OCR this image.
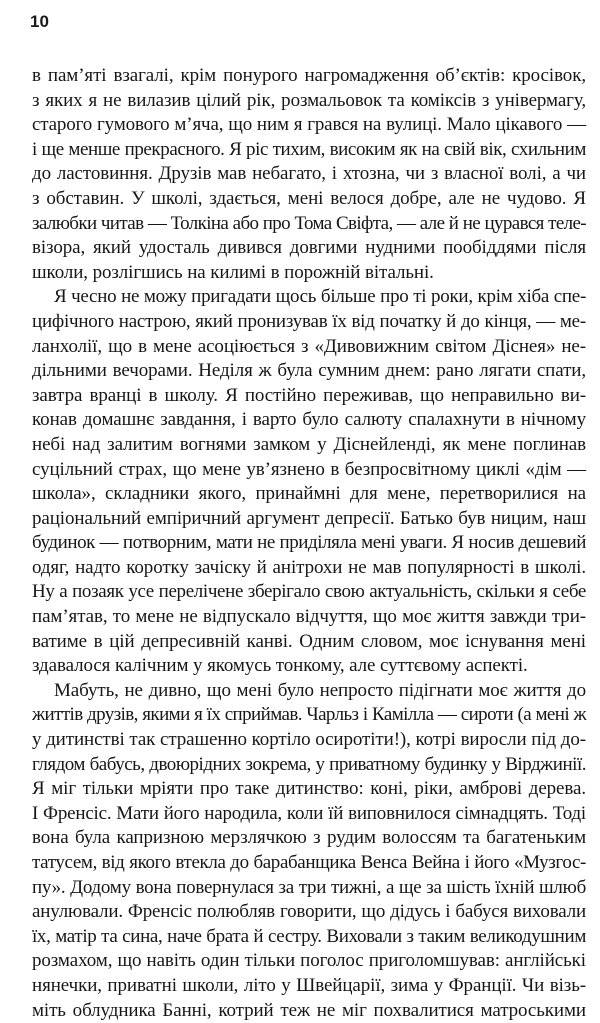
10
в пам’яті взагалі, крім понурого нагромадження об’єктів: кросівок,
з яких я не вилазив цілий рік, розмальовок та коміксів з універмагу,
старого гумового м’яча, що ним я грався на вулиці. Мало цікавого —
і ще менше прекрасного. Я ріс тихим, високим як на свій вік, схильним
до ластовиння. Друзів мав небагато, і хтозна, чи з власної волі, а чи
з обставин. У школі, здається, мені велося добре, але не чудово. Я
залюбки читав — Толкіна або про Тома Свіфта, — але й не цурався теле-
візора, який удосталь дивився довгими нудними пообіддями після
школи, розлігшись на килимі в порожній вітальні.
Я чесно не можу пригадати щось більше про ті роки, крім хіба спе-
цифічного настрою, який пронизував їх від початку й до кінця, — ме-
ланхолії, що в мене асоціюється з «Дивовижним світом Діснея» не-
дільними вечорами. Неділя ж була сумним днем: рано лягати спати,
завтра вранці в школу. Я постійно переживав, що неправильно ви-
конав домашнє завдання, і варто було салюту спалахнути в нічному
небі над залитим вогнями замком у Діснейленді, як мене поглинав
суцільний страх, що мене ув’язнено в безпросвітному циклі «дім —
школа», складники якого, принаймні для мене, перетворилися на
раціональний емпіричний аргумент депресії. Батько був ницим, наш
будинок — потворним, мати не приділяла мені уваги. Я носив дешевий
одяг, надто коротку зачіску й анітрохи не мав популярності в школі.
Ну а позаяк усе перелічене зберігало свою актуальність, скільки я себе
пам’ятав, то мене не відпускало відчуття, що моє життя завжди три-
ватиме в цій депресивній канві. Одним словом, моє існування мені
здавалося калічним у якомусь тонкому, але суттєвому аспекті.
Мабуть, не дивно, що мені було непросто підігнати моє життя до
життів друзів, якими я їх сприймав. Чарльз і Камілла — сироти (а мені ж
у дитинстві так страшенно кортіло осиротіти!), котрі виросли під до-
глядом бабусь, двоюрідних зокрема, у приватному будинку у Вірджинії.
Я міг тільки мріяти про таке дитинство: коні, ріки, амброві дерева.
І Френсіс. Мати його народила, коли їй виповнилося сімнадцять. Тоді
вона була капризною мерзлячкою з рудим волоссям та багатеньким
татусем, від якого втекла до барабанщика Венса Вейна і його «Музгос-
пу». Додому вона повернулася за три тижні, а ще за шість їхній шлюб
анулювали. Френсіс полюбляв говорити, що дідусь і бабуся виховали
їх, матір та сина, наче брата й сестру. Виховали з таким великодушним
розмахом, що навіть один тільки поголос приголомшував: англійські
нянечки, приватні школи, літо у Швейцарії, зима у Франції. Чи візь-
міть облудника Банні, котрий теж не міг похвалитися матроськими
